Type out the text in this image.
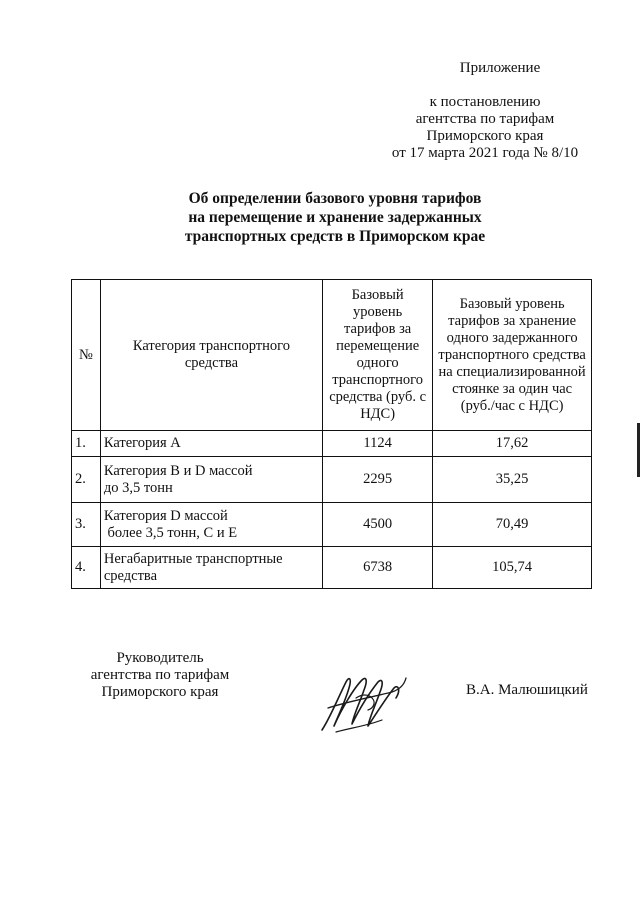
Приложение
к постановлению
агентства по тарифам
Приморского края
от 17 марта 2021 года № 8/10
Об определении базового уровня тарифов
на перемещение и хранение задержанных
транспортных средств в Приморском крае
№	Категория транспортного средства	Базовый уровень тарифов за перемещение одного транспортного средства (руб. с НДС)	Базовый уровень тарифов за хранение одного задержанного транспортного средства на специализированной стоянке за один час (руб./час с НДС)
1.	Категория A	1124	17,62
2.	Категория B и D массой
до 3,5 тонн	2295	35,25
3.	Категория D массой
более 3,5 тонн, C и E	4500	70,49
4.	Негабаритные транспортные
средства	6738	105,74
Руководитель
агентства по тарифам
Приморского края	В.А. Малюшицкий
